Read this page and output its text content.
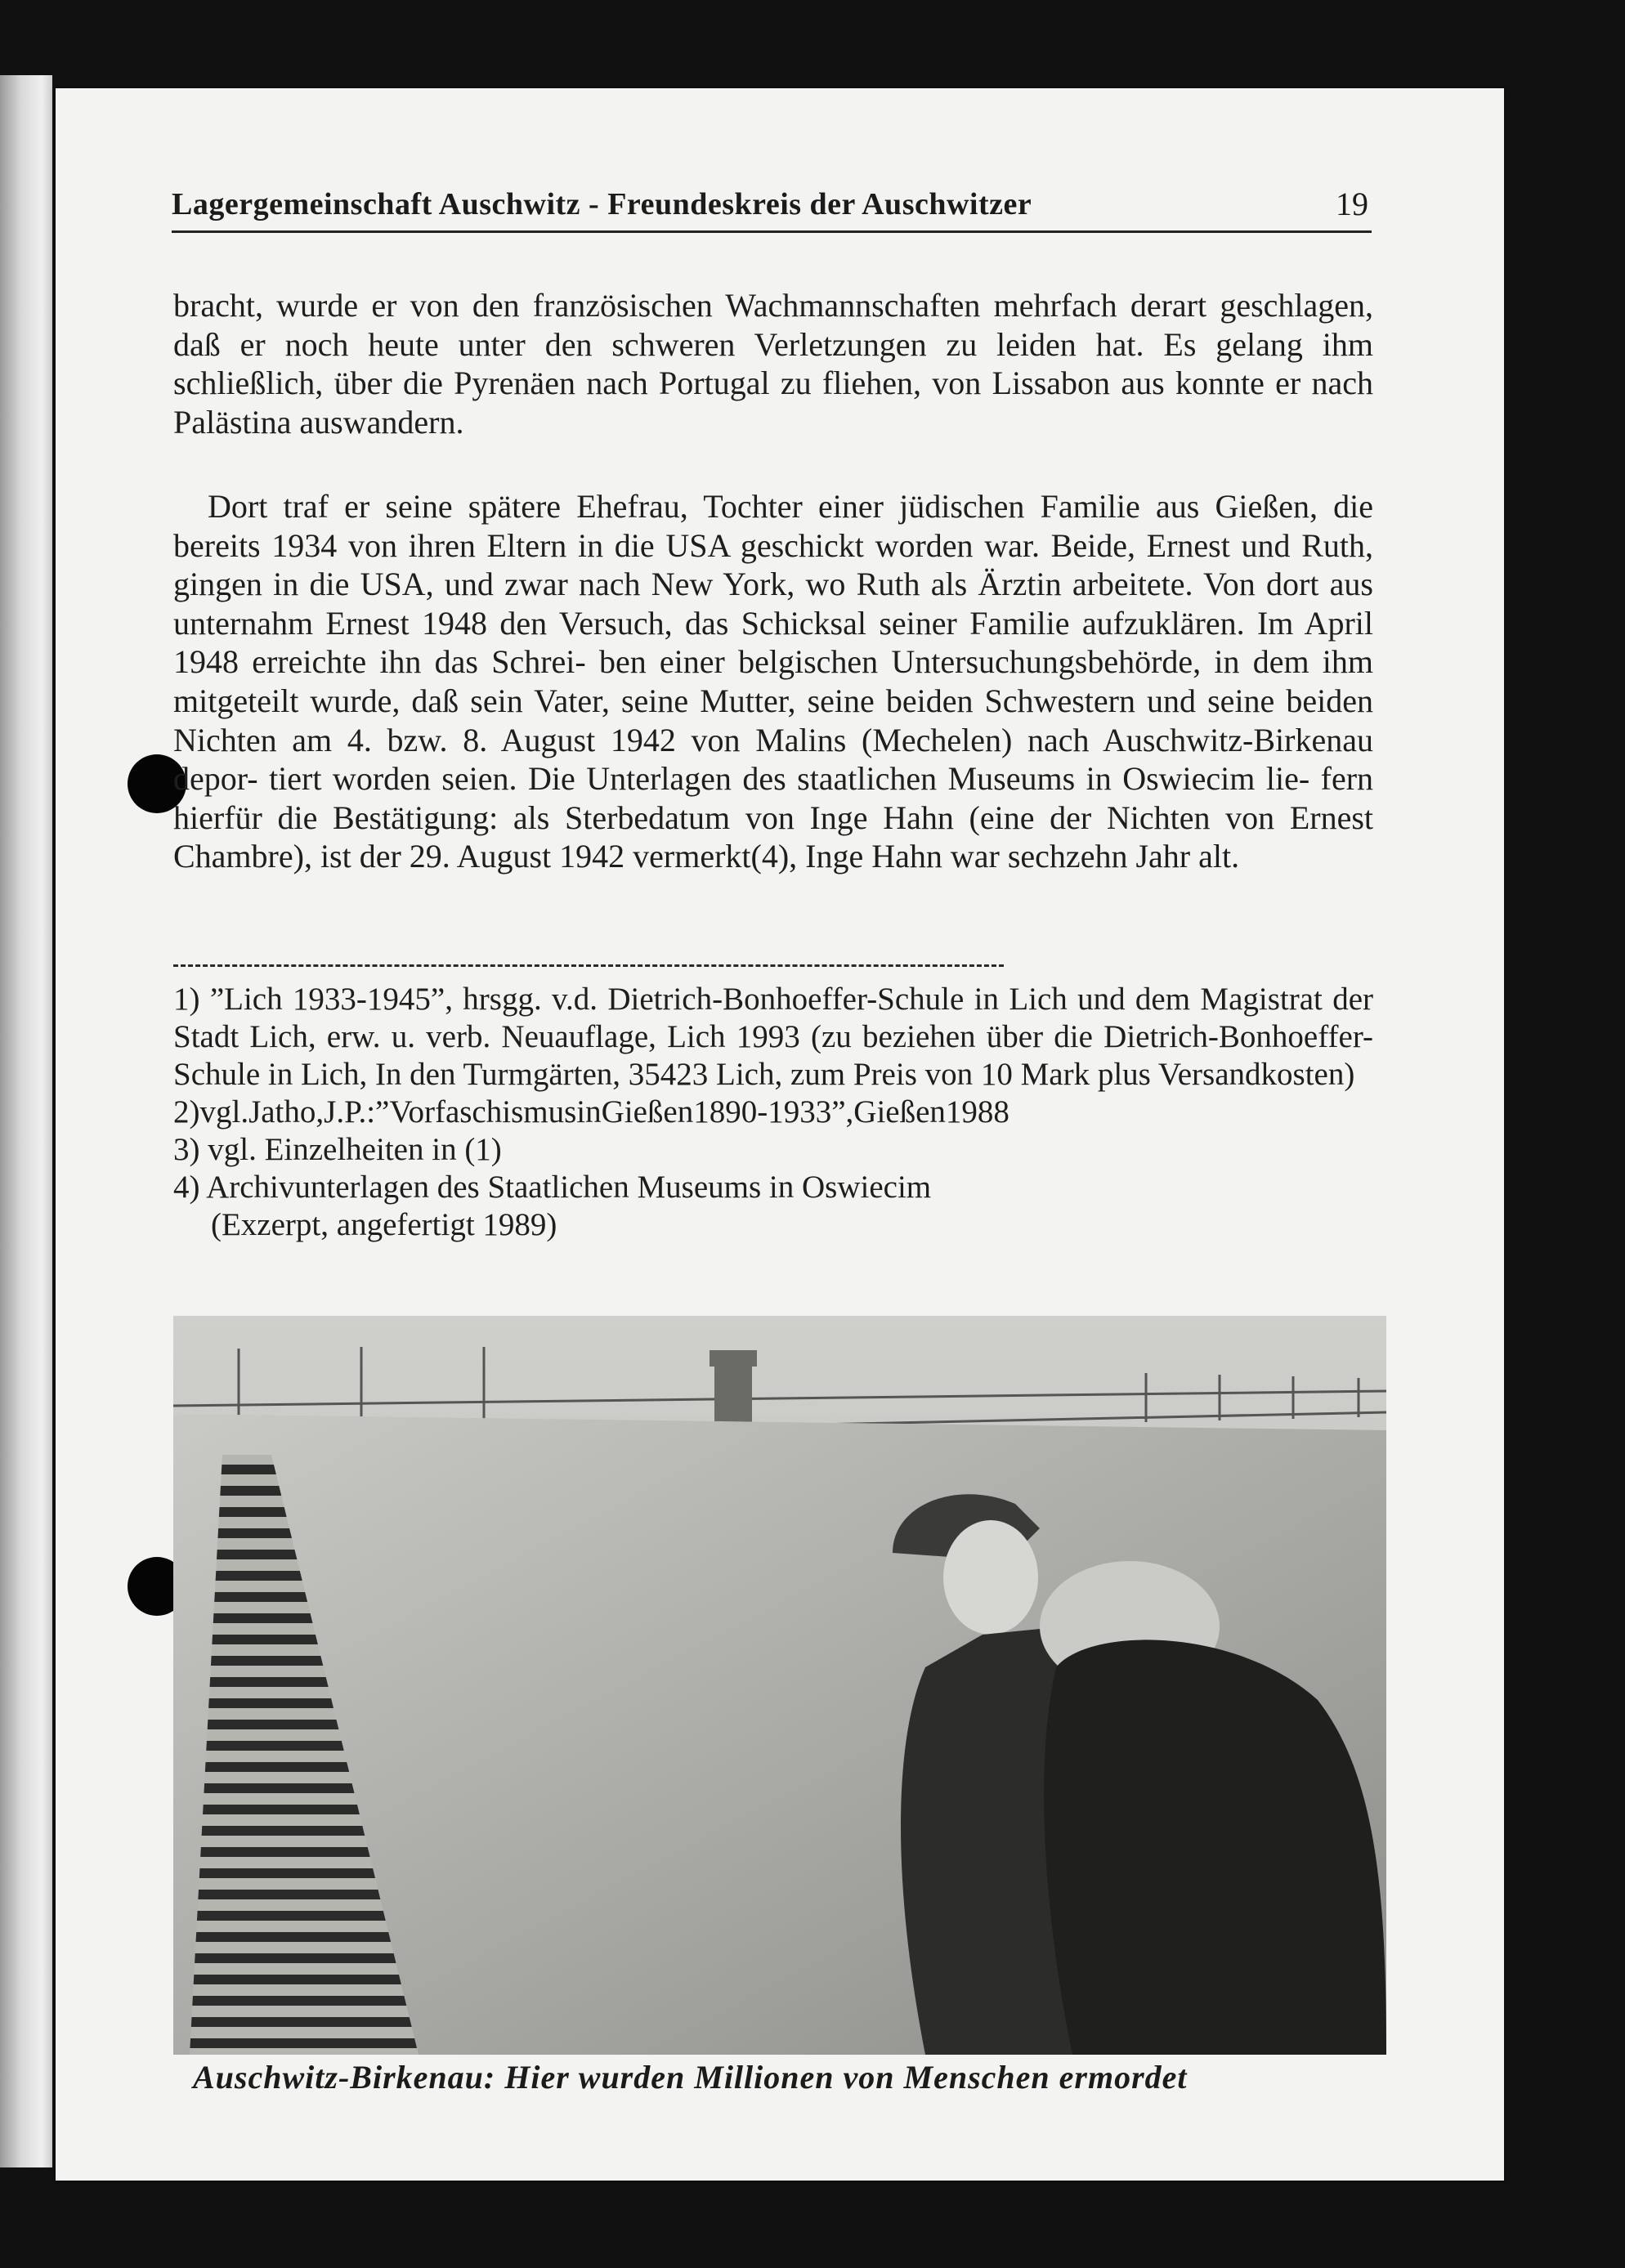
Lagergemeinschaft Auschwitz - Freundeskreis der Auschwitzer	19
bracht, wurde er von den französischen Wachmannschaften mehrfach derart geschlagen, daß er noch heute unter den schweren Verletzungen zu leiden hat. Es gelang ihm schließlich, über die Pyrenäen nach Portugal zu fliehen, von Lissabon aus konnte er nach Palästina auswandern.
Dort traf er seine spätere Ehefrau, Tochter einer jüdischen Familie aus Gießen, die bereits 1934 von ihren Eltern in die USA geschickt worden war. Beide, Ernest und Ruth, gingen in die USA, und zwar nach New York, wo Ruth als Ärztin arbeitete. Von dort aus unternahm Ernest 1948 den Versuch, das Schicksal seiner Familie aufzuklären. Im April 1948 erreichte ihn das Schrei- ben einer belgischen Untersuchungsbehörde, in dem ihm mitgeteilt wurde, daß sein Vater, seine Mutter, seine beiden Schwestern und seine beiden Nichten am 4. bzw. 8. August 1942 von Malins (Mechelen) nach Auschwitz-Birkenau depor- tiert worden seien. Die Unterlagen des staatlichen Museums in Oswiecim lie- fern hierfür die Bestätigung: als Sterbedatum von Inge Hahn (eine der Nichten von Ernest Chambre), ist der 29. August 1942 vermerkt(4), Inge Hahn war sechzehn Jahr alt.
1) ”Lich 1933-1945”, hrsgg. v.d. Dietrich-Bonhoeffer-Schule in Lich und dem Magistrat der Stadt Lich, erw. u. verb. Neuauflage, Lich 1993 (zu beziehen über die Dietrich-Bonhoeffer-Schule in Lich, In den Turmgärten, 35423 Lich, zum Preis von 10 Mark plus Versandkosten)
2)vgl.Jatho,J.P.:”VorfaschismusinGießen1890-1933”,Gießen1988
3) vgl. Einzelheiten in (1)
4) Archivunterlagen des Staatlichen Museums in Oswiecim

(Exzerpt, angefertigt 1989)
Auschwitz-Birkenau: Hier wurden Millionen von Menschen ermordet
